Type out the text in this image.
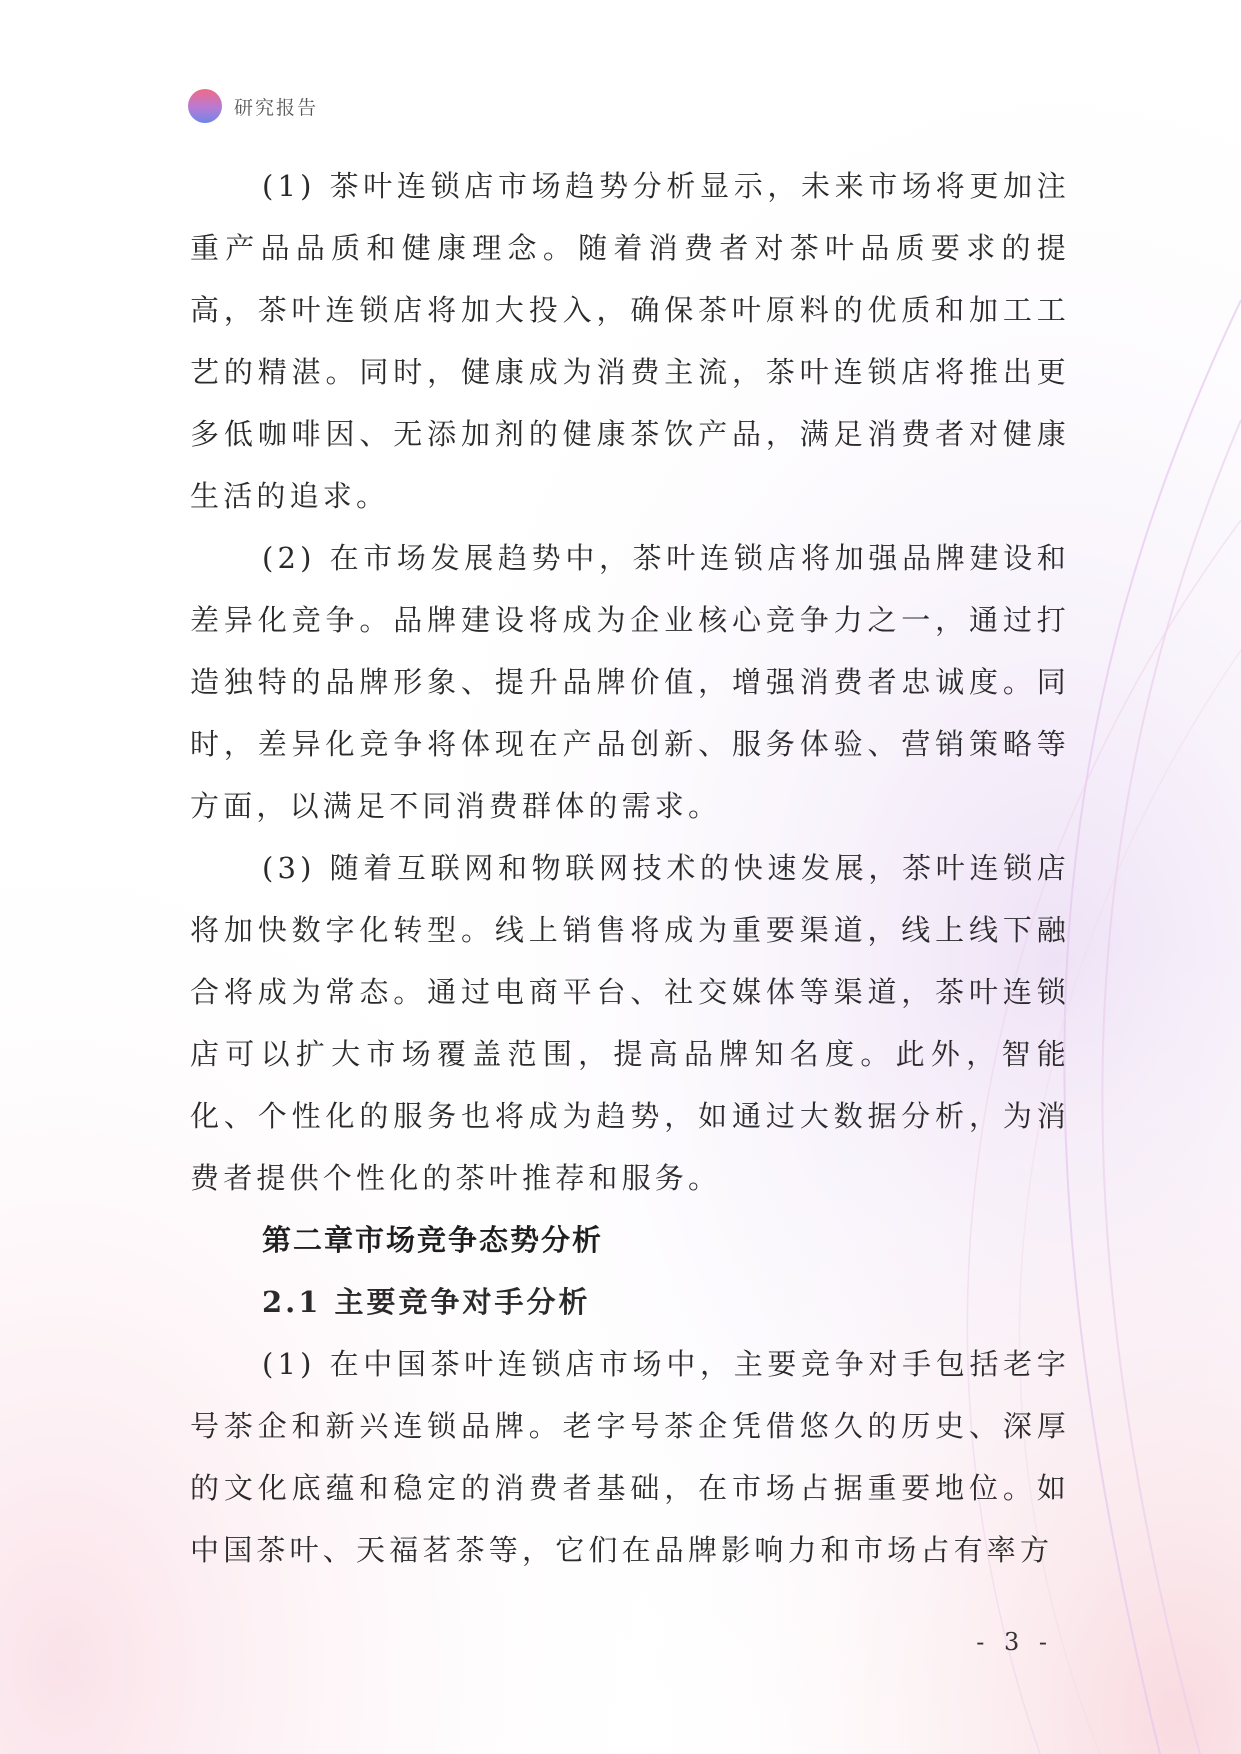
研究报告

(1) 茶叶连锁店市场趋势分析显示，未来市场将更加注重产品品质和健康理念。随着消费者对茶叶品质要求的提高，茶叶连锁店将加大投入，确保茶叶原料的优质和加工工艺的精湛。同时，健康成为消费主流，茶叶连锁店将推出更多低咖啡因、无添加剂的健康茶饮产品，满足消费者对健康生活的追求。

(2) 在市场发展趋势中，茶叶连锁店将加强品牌建设和差异化竞争。品牌建设将成为企业核心竞争力之一，通过打造独特的品牌形象、提升品牌价值，增强消费者忠诚度。同时，差异化竞争将体现在产品创新、服务体验、营销策略等方面，以满足不同消费群体的需求。

(3) 随着互联网和物联网技术的快速发展，茶叶连锁店将加快数字化转型。线上销售将成为重要渠道，线上线下融合将成为常态。通过电商平台、社交媒体等渠道，茶叶连锁店可以扩大市场覆盖范围，提高品牌知名度。此外，智能化、个性化的服务也将成为趋势，如通过大数据分析，为消费者提供个性化的茶叶推荐和服务。

第二章市场竞争态势分析
2.1 主要竞争对手分析

(1) 在中国茶叶连锁店市场中，主要竞争对手包括老字号茶企和新兴连锁品牌。老字号茶企凭借悠久的历史、深厚的文化底蕴和稳定的消费者基础，在市场占据重要地位。如中国茶叶、天福茗茶等，它们在品牌影响力和市场占有率方

- 3 -
